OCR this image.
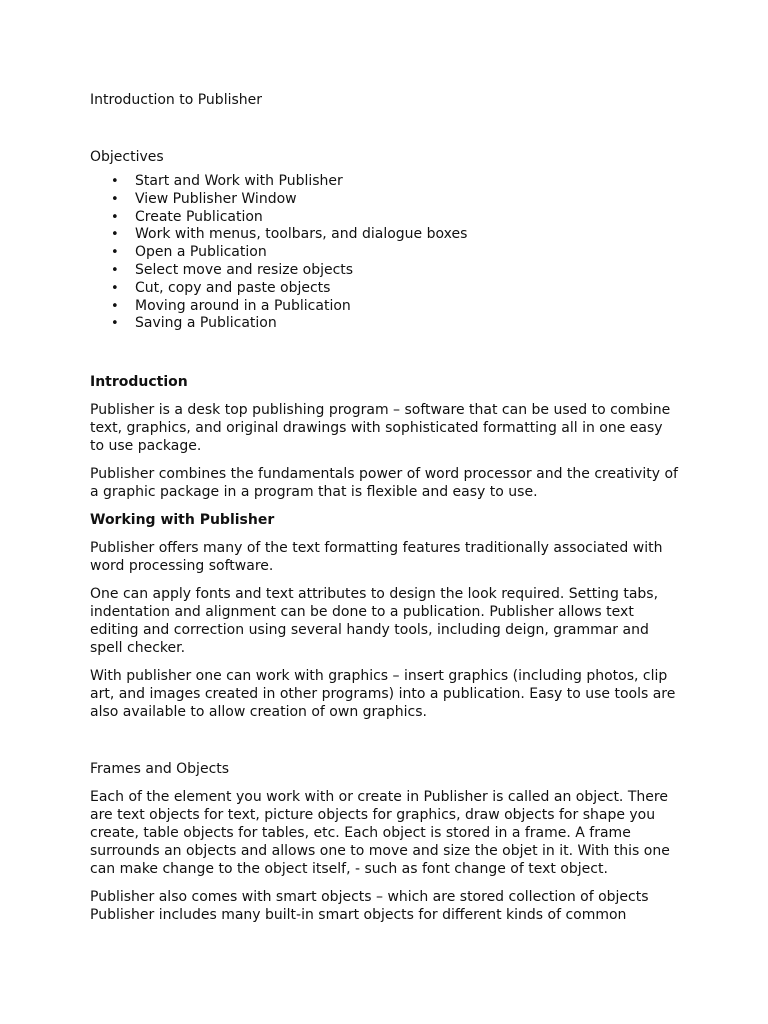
Introduction to Publisher
Objectives
• Start and Work with Publisher
• View Publisher Window
• Create Publication
• Work with menus, toolbars, and dialogue boxes
• Open a Publication
• Select move and resize objects
• Cut, copy and paste objects
• Moving around in a Publication
• Saving a Publication
Introduction

Publisher is a desk top publishing program – software that can be used to combine text, graphics, and original drawings with sophisticated formatting all in one easy to use package.

Publisher combines the fundamentals power of word processor and the creativity of a graphic package in a program that is flexible and easy to use.

Working with Publisher

Publisher offers many of the text formatting features traditionally associated with word processing software.

One can apply fonts and text attributes to design the look required. Setting tabs, indentation and alignment can be done to a publication. Publisher allows text editing and correction using several handy tools, including deign, grammar and spell checker.

With publisher one can work with graphics – insert graphics (including photos, clip art, and images created in other programs) into a publication. Easy to use tools are also available to allow creation of own graphics.

Frames and Objects

Each of the element you work with or create in Publisher is called an object. There are text objects for text, picture objects for graphics, draw objects for shape you create, table objects for tables, etc. Each object is stored in a frame. A frame surrounds an objects and allows one to move and size the objet in it. With this one can make change to the object itself, - such as font change of text object.

Publisher also comes with smart objects – which are stored collection of objects Publisher includes many built-in smart objects for different kinds of common
